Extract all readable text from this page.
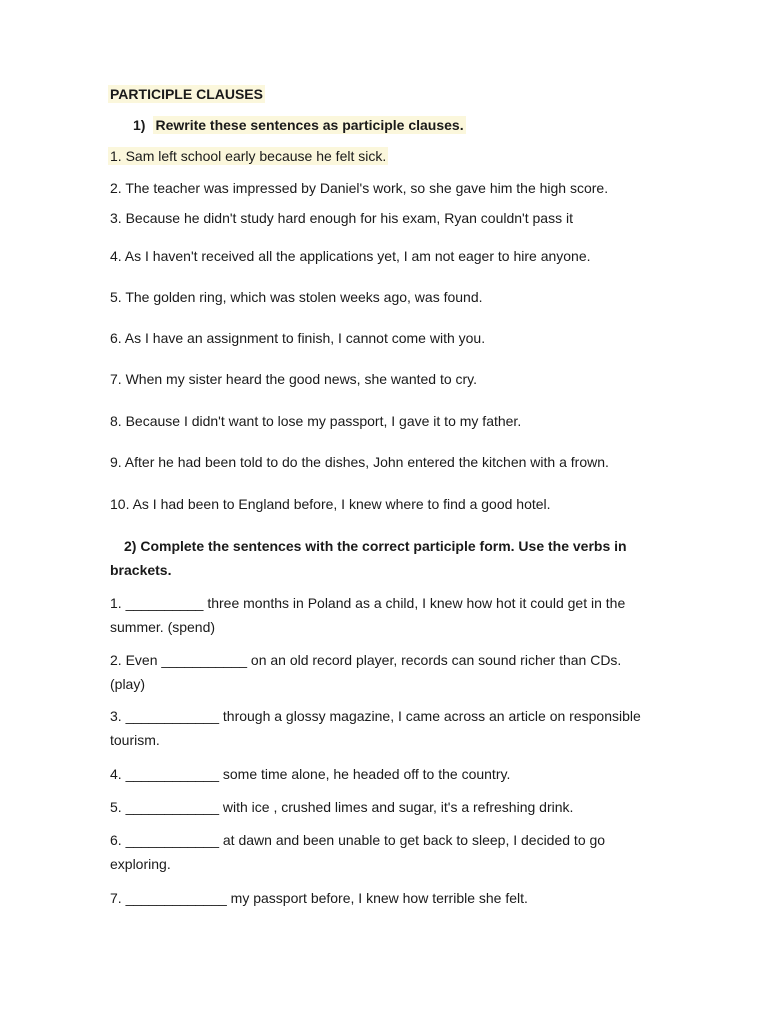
PARTICIPLE CLAUSES
1) Rewrite these sentences as participle clauses.
1. Sam left school early because he felt sick.
2. The teacher was impressed by Daniel's work, so she gave him the high score.
3. Because he didn't study hard enough for his exam, Ryan couldn't pass it
4. As I haven't received all the applications yet, I am not eager to hire anyone.
5. The golden ring, which was stolen weeks ago, was found.
6. As I have an assignment to finish, I cannot come with you.
7. When my sister heard the good news, she wanted to cry.
8. Because I didn't want to lose my passport, I gave it to my father.
9. After he had been told to do the dishes, John entered the kitchen with a frown.
10. As I had been to England before, I knew where to find a good hotel.
2) Complete the sentences with the correct participle form. Use the verbs in brackets.
1. __________ three months in Poland as a child, I knew how hot it could get in the summer. (spend)
2. Even ___________ on an old record player, records can sound richer than CDs. (play)
3. ____________ through a glossy magazine, I came across an article on responsible tourism.
4. ____________ some time alone, he headed off to the country.
5. ____________ with ice , crushed limes and sugar, it's a refreshing drink.
6. ____________ at dawn and been unable to get back to sleep, I decided to go exploring.
7. _____________ my passport before, I knew how terrible she felt.
